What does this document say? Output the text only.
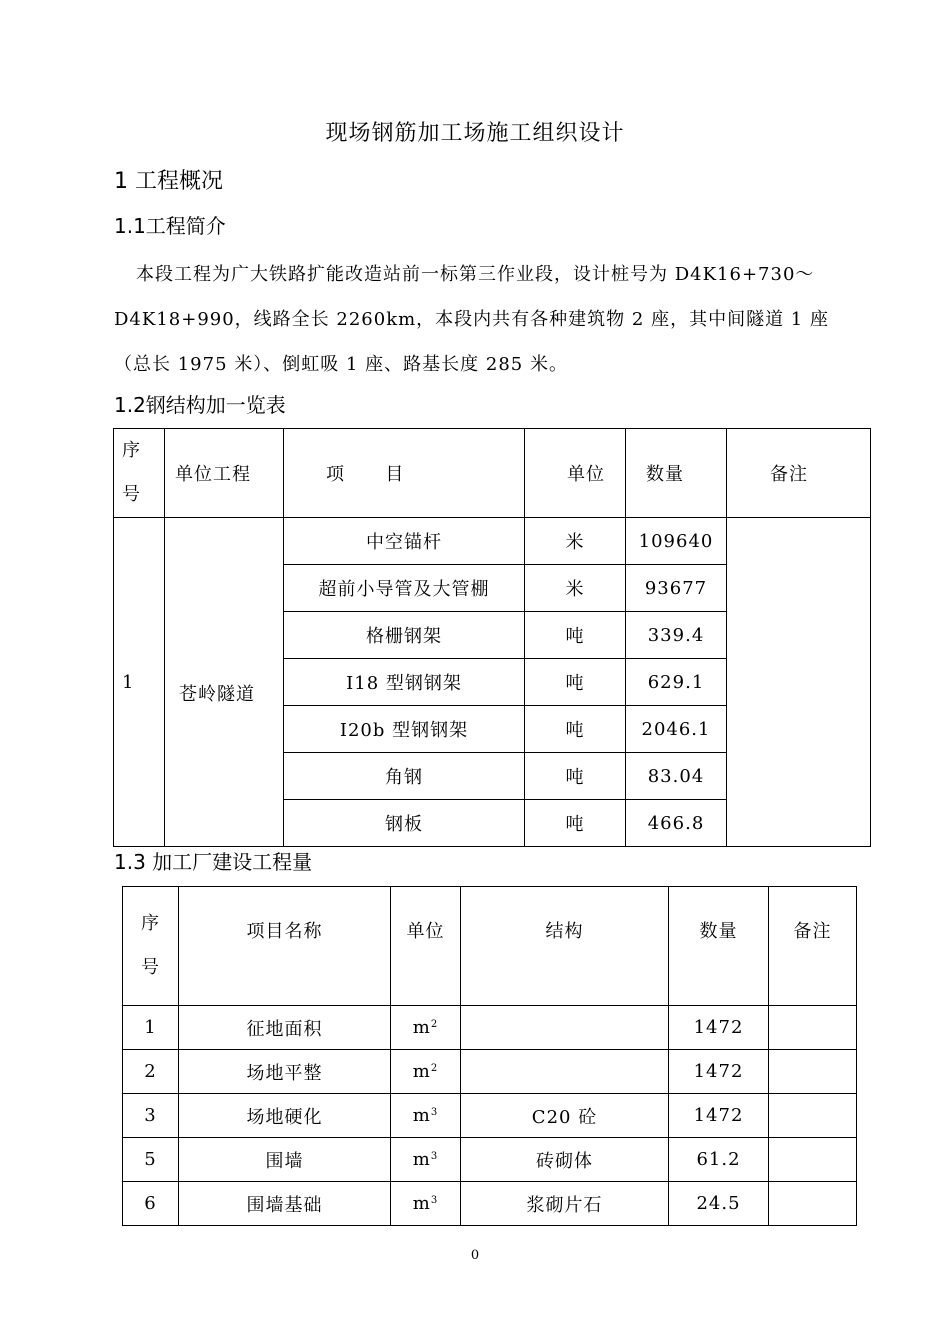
现场钢筋加工场施工组织设计
1 工程概况
1.1工程简介
本段工程为广大铁路扩能改造站前一标第三作业段，设计桩号为 D4K16+730～
D4K18+990，线路全长 2260km，本段内共有各种建筑物 2 座，其中间隧道 1 座
（总长 1975 米）、倒虹吸 1 座、路基长度 285 米。
1.2钢结构加一览表
序
号	单位工程	项      目	单位	数量	备注
1	苍岭隧道	中空锚杆	米	109640	
		超前小导管及大管棚	米	93677	
		格栅钢架	吨	339.4	
		I18 型钢钢架	吨	629.1	
		I20b 型钢钢架	吨	2046.1	
		角钢	吨	83.04	
		钢板	吨	466.8	
1.3 加工厂建设工程量
序
号	项目名称	单位	结构	数量	备注
1	征地面积	$m^2$		1472	
2	场地平整	$m^2$		1472	
3	场地硬化	$m^3$	C20 砼	1472	
5	围墙	$m^3$	砖砌体	61.2	
6	围墙基础	$m^3$	浆砌片石	24.5	
0
